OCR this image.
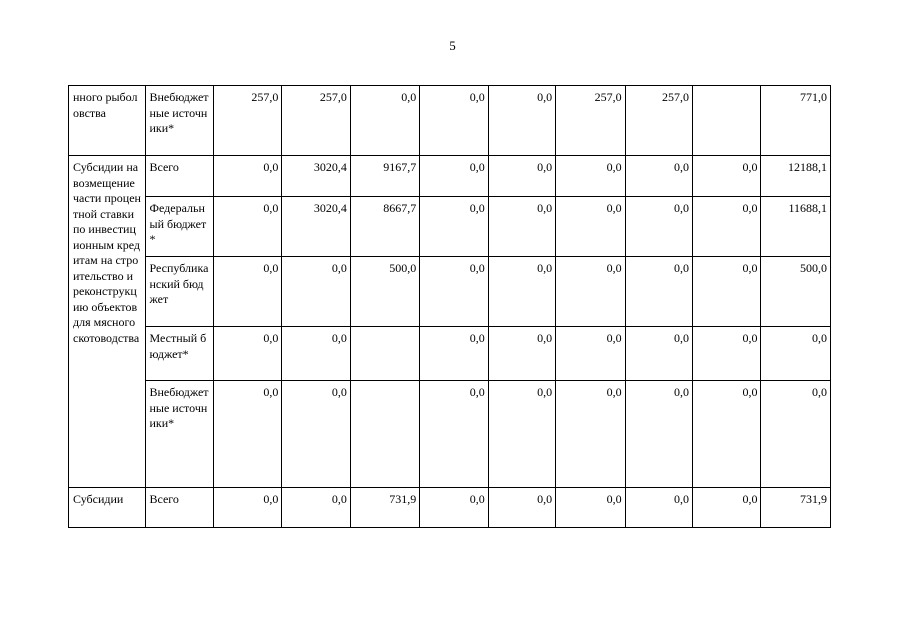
5
нного рыболовства	Внебюджетные источники*	257,0	257,0	0,0	0,0	0,0	257,0	257,0		771,0
Субсидии на возмещение части процентной ставки по инвестиционным кредитам на строительство и реконструкцию объектов для мясного скотоводства	Всего	0,0	3020,4	9167,7	0,0	0,0	0,0	0,0	0,0	12188,1
	Федеральный бюджет *	0,0	3020,4	8667,7	0,0	0,0	0,0	0,0	0,0	11688,1
	Республиканский бюджет	0,0	0,0	500,0	0,0	0,0	0,0	0,0	0,0	500,0
	Местный бюджет*	0,0	0,0		0,0	0,0	0,0	0,0	0,0	0,0
	Внебюджетные источники*	0,0	0,0		0,0	0,0	0,0	0,0	0,0	0,0
Субсидии	Всего	0,0	0,0	731,9	0,0	0,0	0,0	0,0	0,0	731,9
